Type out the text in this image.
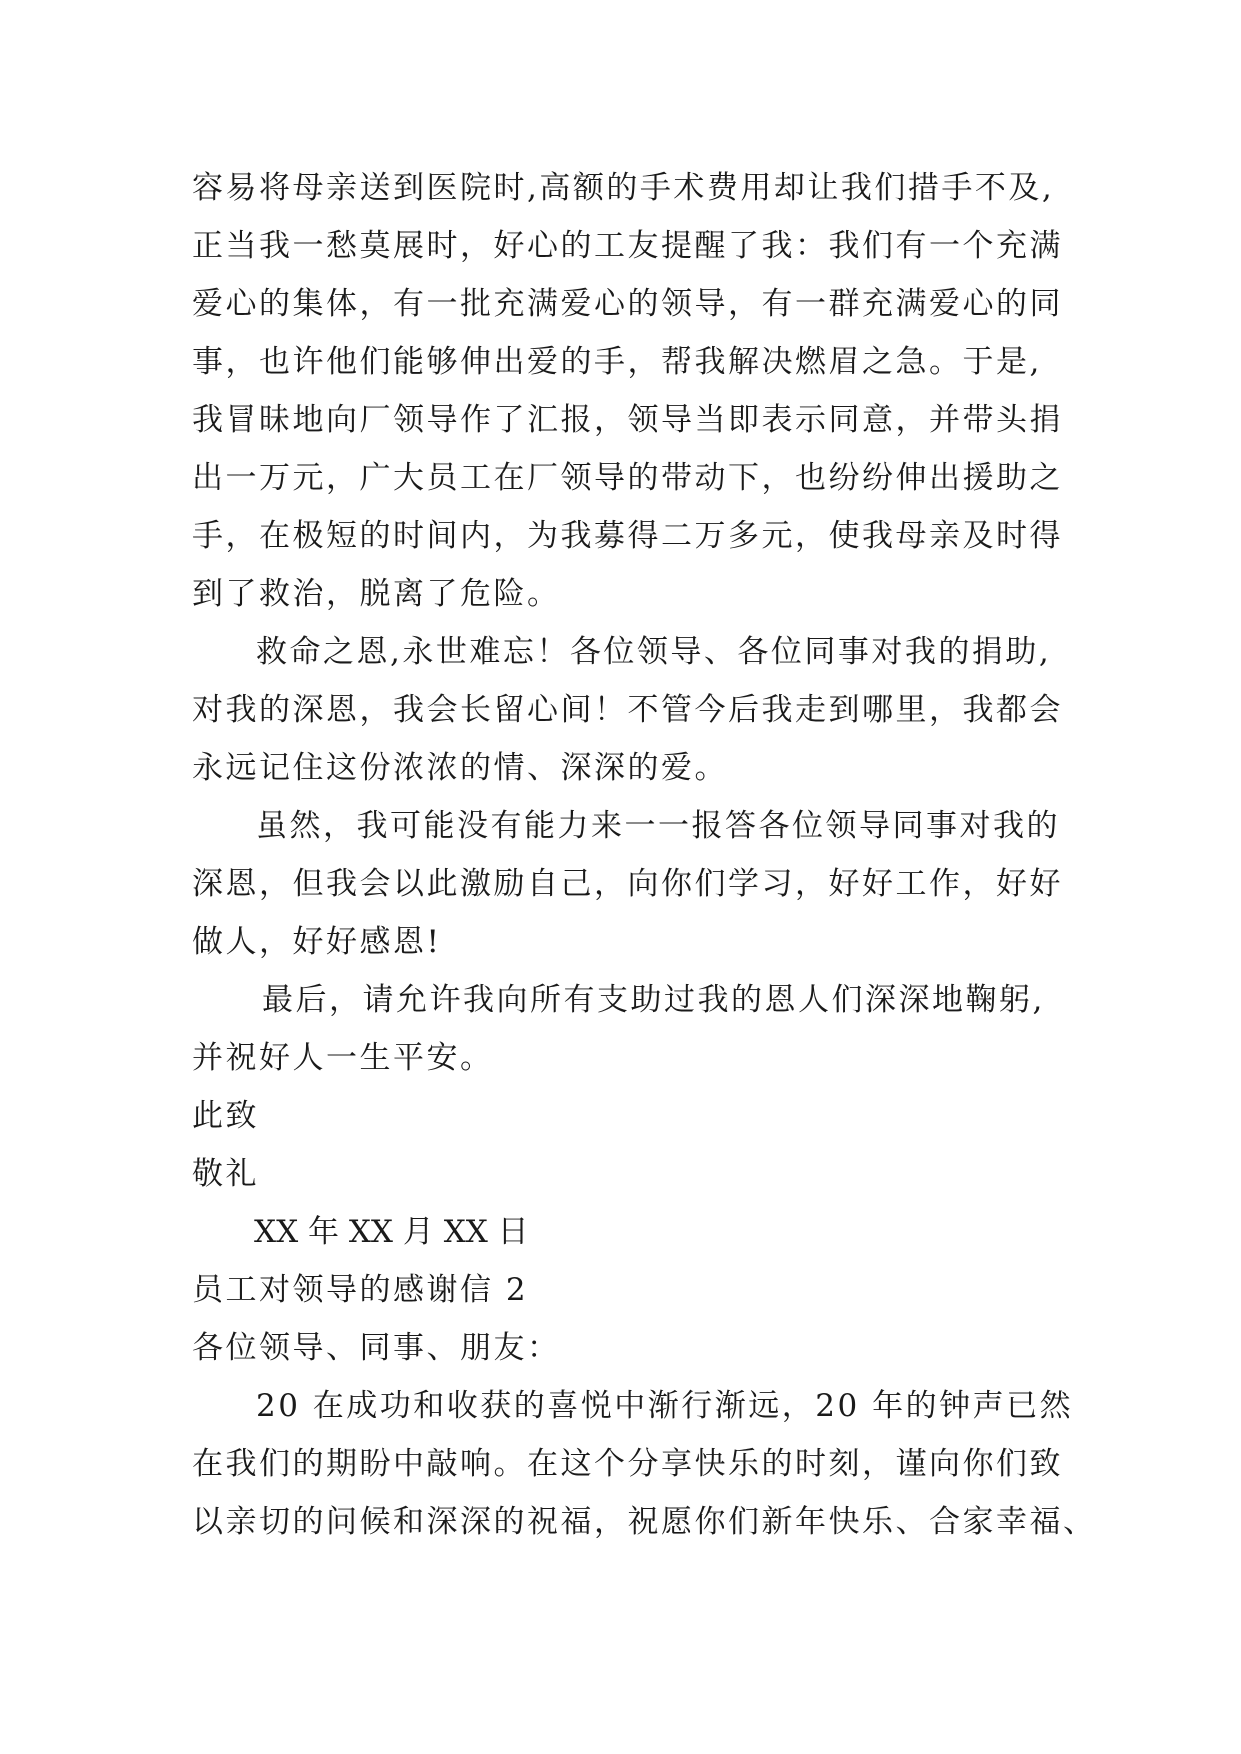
容易将母亲送到医院时,高额的手术费用却让我们措手不及,
正当我一愁莫展时，好心的工友提醒了我：我们有一个充满
爱心的集体，有一批充满爱心的领导，有一群充满爱心的同
事，也许他们能够伸出爱的手，帮我解决燃眉之急。于是,
我冒昧地向厂领导作了汇报，领导当即表示同意，并带头捐
出一万元，广大员工在厂领导的带动下，也纷纷伸出援助之
手，在极短的时间内，为我募得二万多元，使我母亲及时得
到了救治，脱离了危险。
救命之恩,永世难忘！各位领导、各位同事对我的捐助,
对我的深恩，我会长留心间！不管今后我走到哪里，我都会
永远记住这份浓浓的情、深深的爱。
虽然，我可能没有能力来一一报答各位领导同事对我的
深恩，但我会以此激励自己，向你们学习，好好工作，好好
做人，好好感恩!
最后，请允许我向所有支助过我的恩人们深深地鞠躬,
并祝好人一生平安。
此致
敬礼
XX 年 XX 月 XX 日
员工对领导的感谢信 2
各位领导、同事、朋友：
20 在成功和收获的喜悦中渐行渐远，20 年的钟声已然
在我们的期盼中敲响。在这个分享快乐的时刻，谨向你们致
以亲切的问候和深深的祝福，祝愿你们新年快乐、合家幸福、
